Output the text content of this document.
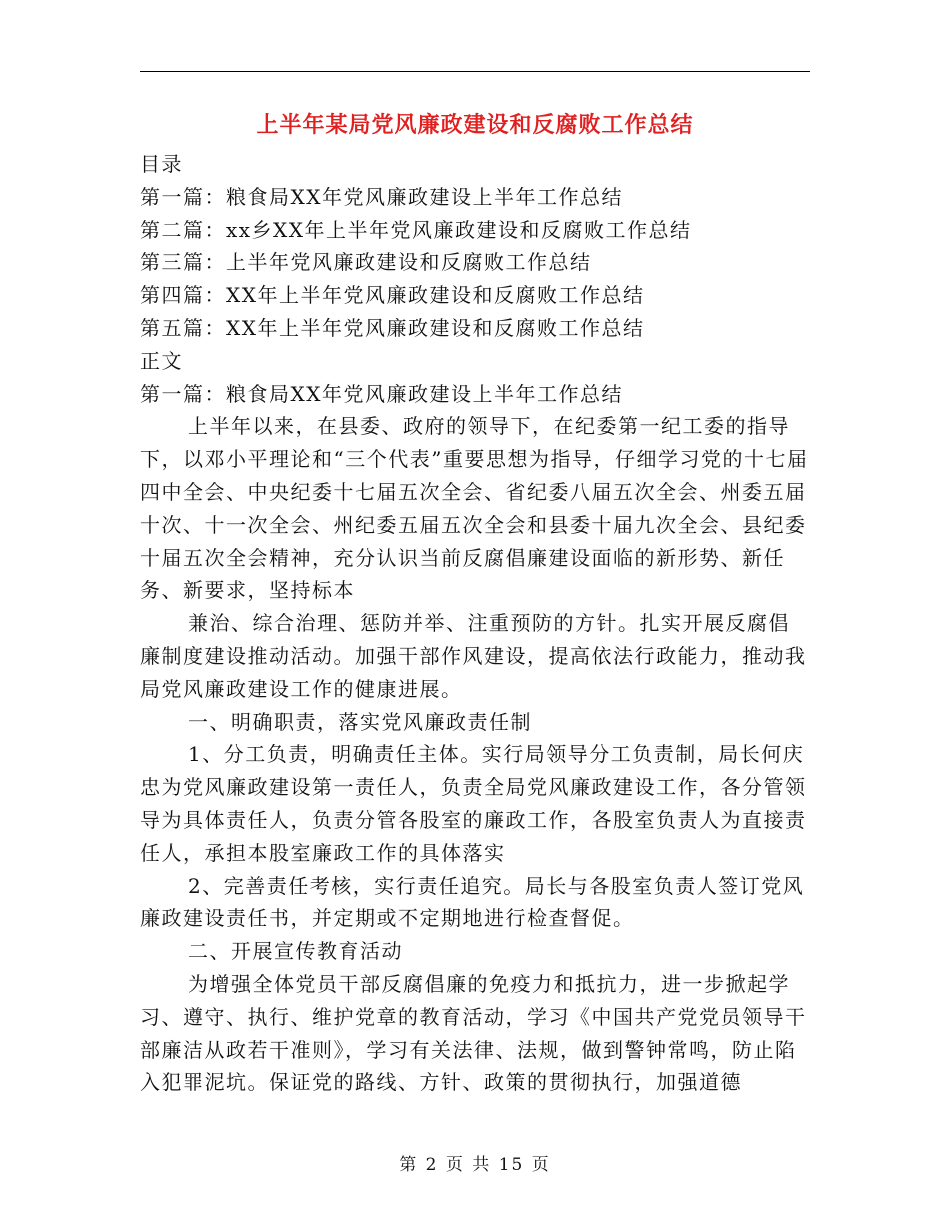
上半年某局党风廉政建设和反腐败工作总结

目录

第一篇：粮食局XX年党风廉政建设上半年工作总结

第二篇：xx乡XX年上半年党风廉政建设和反腐败工作总结

第三篇：上半年党风廉政建设和反腐败工作总结

第四篇：XX年上半年党风廉政建设和反腐败工作总结

第五篇：XX年上半年党风廉政建设和反腐败工作总结

正文

第一篇：粮食局XX年党风廉政建设上半年工作总结

上半年以来，在县委、政府的领导下，在纪委第一纪工委的指导下，以邓小平理论和“三个代表”重要思想为指导，仔细学习党的十七届四中全会、中央纪委十七届五次全会、省纪委八届五次全会、州委五届十次、十一次全会、州纪委五届五次全会和县委十届九次全会、县纪委十届五次全会精神，充分认识当前反腐倡廉建设面临的新形势、新任务、新要求，坚持标本

兼治、综合治理、惩防并举、注重预防的方针。扎实开展反腐倡廉制度建设推动活动。加强干部作风建设，提高依法行政能力，推动我局党风廉政建设工作的健康进展。

一、明确职责，落实党风廉政责任制

1、分工负责，明确责任主体。实行局领导分工负责制，局长何庆忠为党风廉政建设第一责任人，负责全局党风廉政建设工作，各分管领导为具体责任人，负责分管各股室的廉政工作，各股室负责人为直接责任人，承担本股室廉政工作的具体落实

2、完善责任考核，实行责任追究。局长与各股室负责人签订党风廉政建设责任书，并定期或不定期地进行检查督促。

二、开展宣传教育活动

为增强全体党员干部反腐倡廉的免疫力和抵抗力，进一步掀起学习、遵守、执行、维护党章的教育活动，学习《中国共产党党员领导干部廉洁从政若干准则》，学习有关法律、法规，做到警钟常鸣，防止陷入犯罪泥坑。保证党的路线、方针、政策的贯彻执行，加强道德

第 2 页 共 15 页
